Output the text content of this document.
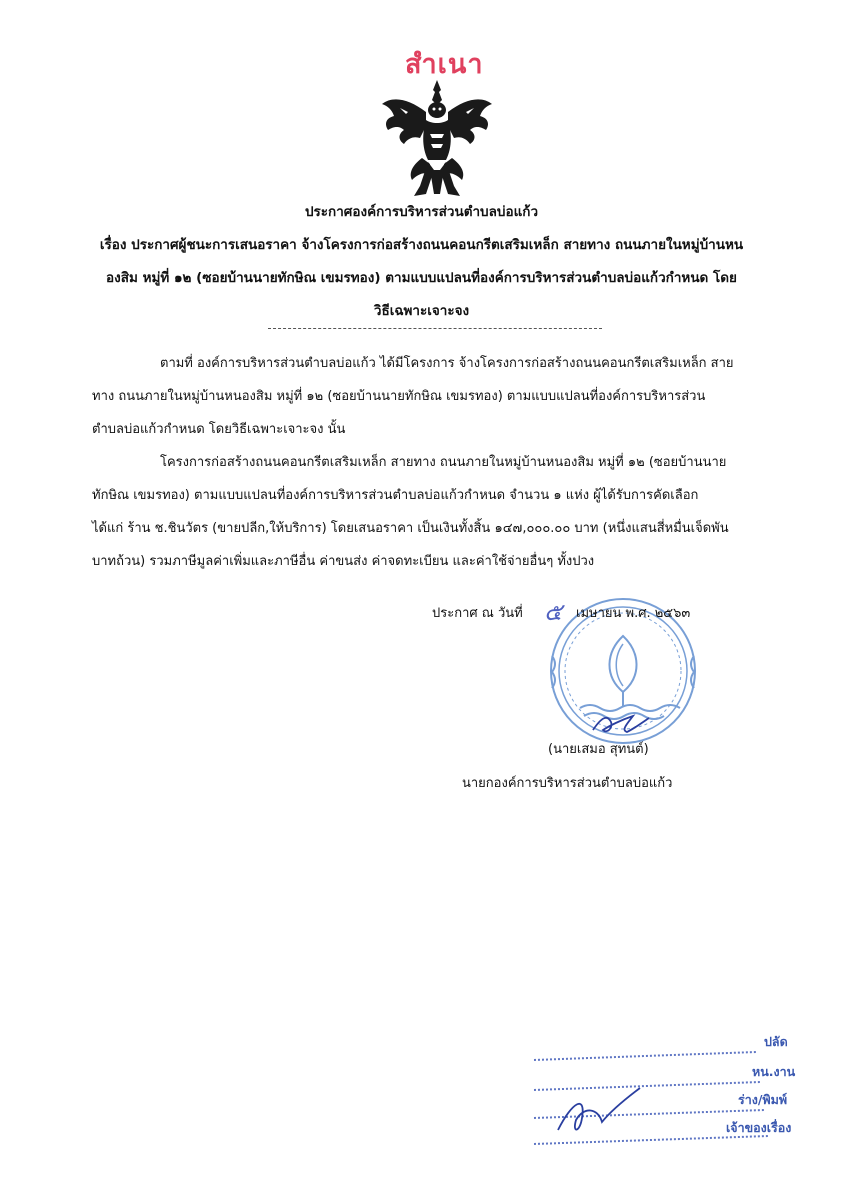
สำเนา
ประกาศองค์การบริหารส่วนตำบลบ่อแก้ว
เรื่อง ประกาศผู้ชนะการเสนอราคา จ้างโครงการก่อสร้างถนนคอนกรีตเสริมเหล็ก สายทาง ถนนภายในหมู่บ้านหน
องสิม หมู่ที่ ๑๒ (ซอยบ้านนายทักษิณ เขมรทอง) ตามแบบแปลนที่องค์การบริหารส่วนตำบลบ่อแก้วกำหนด โดย
วิธีเฉพาะเจาะจง
ตามที่ องค์การบริหารส่วนตำบลบ่อแก้ว ได้มีโครงการ จ้างโครงการก่อสร้างถนนคอนกรีตเสริมเหล็ก สาย
ทาง ถนนภายในหมู่บ้านหนองสิม หมู่ที่ ๑๒ (ซอยบ้านนายทักษิณ เขมรทอง) ตามแบบแปลนที่องค์การบริหารส่วน
ตำบลบ่อแก้วกำหนด โดยวิธีเฉพาะเจาะจง นั้น
โครงการก่อสร้างถนนคอนกรีตเสริมเหล็ก สายทาง ถนนภายในหมู่บ้านหนองสิม หมู่ที่ ๑๒ (ซอยบ้านนาย
ทักษิณ เขมรทอง) ตามแบบแปลนที่องค์การบริหารส่วนตำบลบ่อแก้วกำหนด จำนวน ๑ แห่ง ผู้ได้รับการคัดเลือก
ได้แก่ ร้าน ช.ชินวัตร (ขายปลีก,ให้บริการ) โดยเสนอราคา เป็นเงินทั้งสิ้น ๑๔๗,๐๐๐.๐๐ บาท (หนึ่งแสนสี่หมื่นเจ็ดพัน
บาทถ้วน) รวมภาษีมูลค่าเพิ่มและภาษีอื่น ค่าขนส่ง ค่าจดทะเบียน และค่าใช้จ่ายอื่นๆ ทั้งปวง
ประกาศ ณ วันที่ ๕ เมษายน พ.ศ. ๒๕๖๓
(นายเสมอ สุทนต์)
นายกองค์การบริหารส่วนตำบลบ่อแก้ว
ปลัด
หน.งาน
ร่าง/พิมพ์
เจ้าของเรื่อง
